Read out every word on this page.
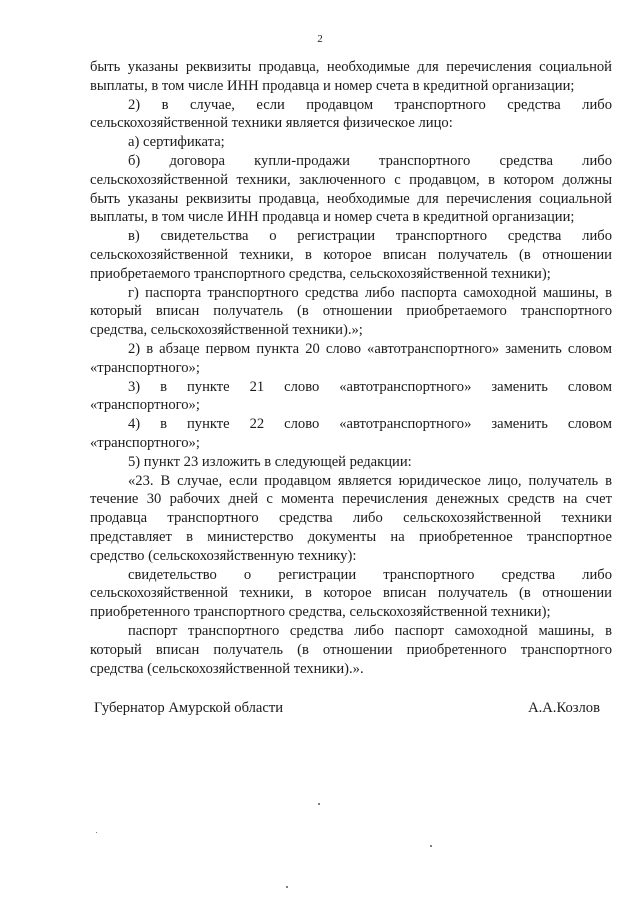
2
быть указаны реквизиты продавца, необходимые для перечисления социальной
выплаты, в том числе ИНН продавца и номер счета в кредитной организации;
2) в случае, если продавцом транспортного средства либо
сельскохозяйственной техники является физическое лицо:
а) сертификата;
б) договора купли-продажи транспортного средства либо
сельскохозяйственной техники, заключенного с продавцом, в котором должны
быть указаны реквизиты продавца, необходимые для перечисления социальной
выплаты, в том числе ИНН продавца и номер счета в кредитной организации;
в) свидетельства о регистрации транспортного средства либо
сельскохозяйственной техники, в которое вписан получатель (в отношении
приобретаемого транспортного средства, сельскохозяйственной техники);
г) паспорта транспортного средства либо паспорта самоходной машины, в
который вписан получатель (в отношении приобретаемого транспортного
средства, сельскохозяйственной техники).»;
2) в абзаце первом пункта 20 слово «автотранспортного» заменить словом
«транспортного»;
3) в пункте 21 слово «автотранспортного» заменить словом
«транспортного»;
4) в пункте 22 слово «автотранспортного» заменить словом
«транспортного»;
5) пункт 23 изложить в следующей редакции:
«23. В случае, если продавцом является юридическое лицо, получатель в
течение 30 рабочих дней с момента перечисления денежных средств на счет
продавца транспортного средства либо сельскохозяйственной техники
представляет в министерство документы на приобретенное транспортное
средство (сельскохозяйственную технику):
свидетельство о регистрации транспортного средства либо
сельскохозяйственной техники, в которое вписан получатель (в отношении
приобретенного транспортного средства, сельскохозяйственной техники);
паспорт транспортного средства либо паспорт самоходной машины, в
который вписан получатель (в отношении приобретенного транспортного
средства (сельскохозяйственной техники).».
Губернатор Амурской области	А.А.Козлов
